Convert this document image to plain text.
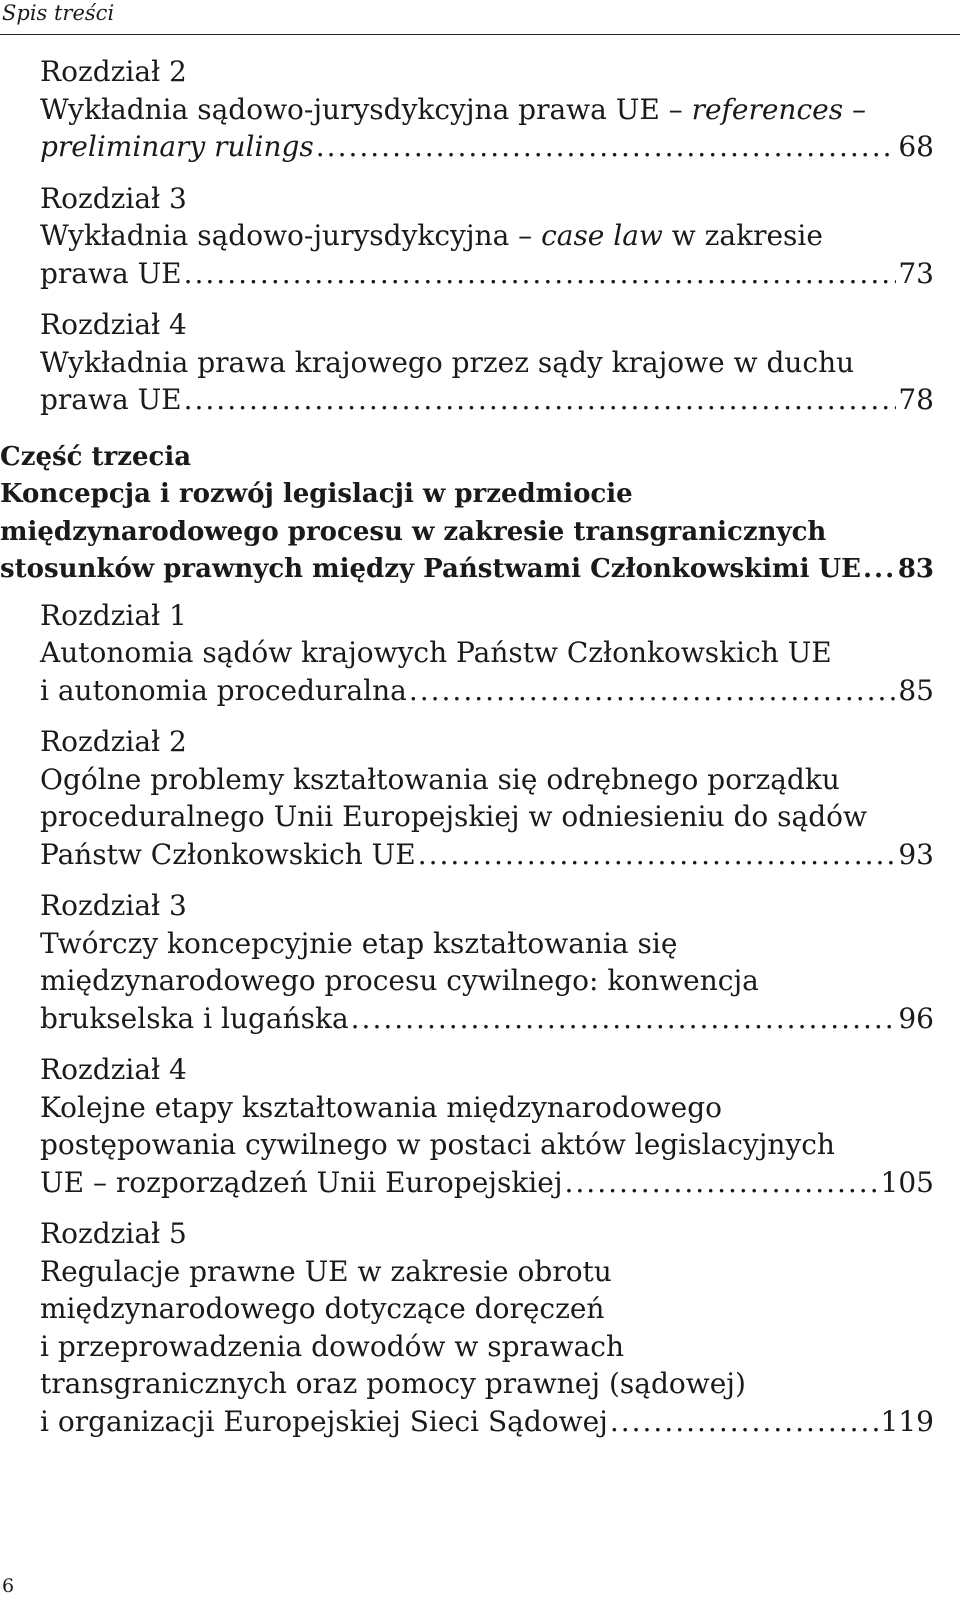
Spis treści
Rozdział 2
Wykładnia sądowo-jurysdykcyjna prawa UE – references –
preliminary rulings .....	68
Rozdział 3
Wykładnia sądowo-jurysdykcyjna – case law w zakresie
prawa UE .....	73
Rozdział 4
Wykładnia prawa krajowego przez sądy krajowe w duchu
prawa UE .....	78
Część trzecia
Koncepcja i rozwój legislacji w przedmiocie
międzynarodowego procesu w zakresie transgranicznych
stosunków prawnych między Państwami Członkowskimi UE ..... 83
Rozdział 1
Autonomia sądów krajowych Państw Członkowskich UE
i autonomia proceduralna .....	85
Rozdział 2
Ogólne problemy kształtowania się odrębnego porządku
proceduralnego Unii Europejskiej w odniesieniu do sądów
Państw Członkowskich UE .....	93
Rozdział 3
Twórczy koncepcyjnie etap kształtowania się
międzynarodowego procesu cywilnego: konwencja
brukselska i lugańska .....	96
Rozdział 4
Kolejne etapy kształtowania międzynarodowego
postępowania cywilnego w postaci aktów legislacyjnych
UE – rozporządzeń Unii Europejskiej .....	105
Rozdział 5
Regulacje prawne UE w zakresie obrotu
międzynarodowego dotyczące doręczeń
i przeprowadzenia dowodów w sprawach
transgranicznych oraz pomocy prawnej (sądowej)
i organizacji Europejskiej Sieci Sądowej .....	119
6
